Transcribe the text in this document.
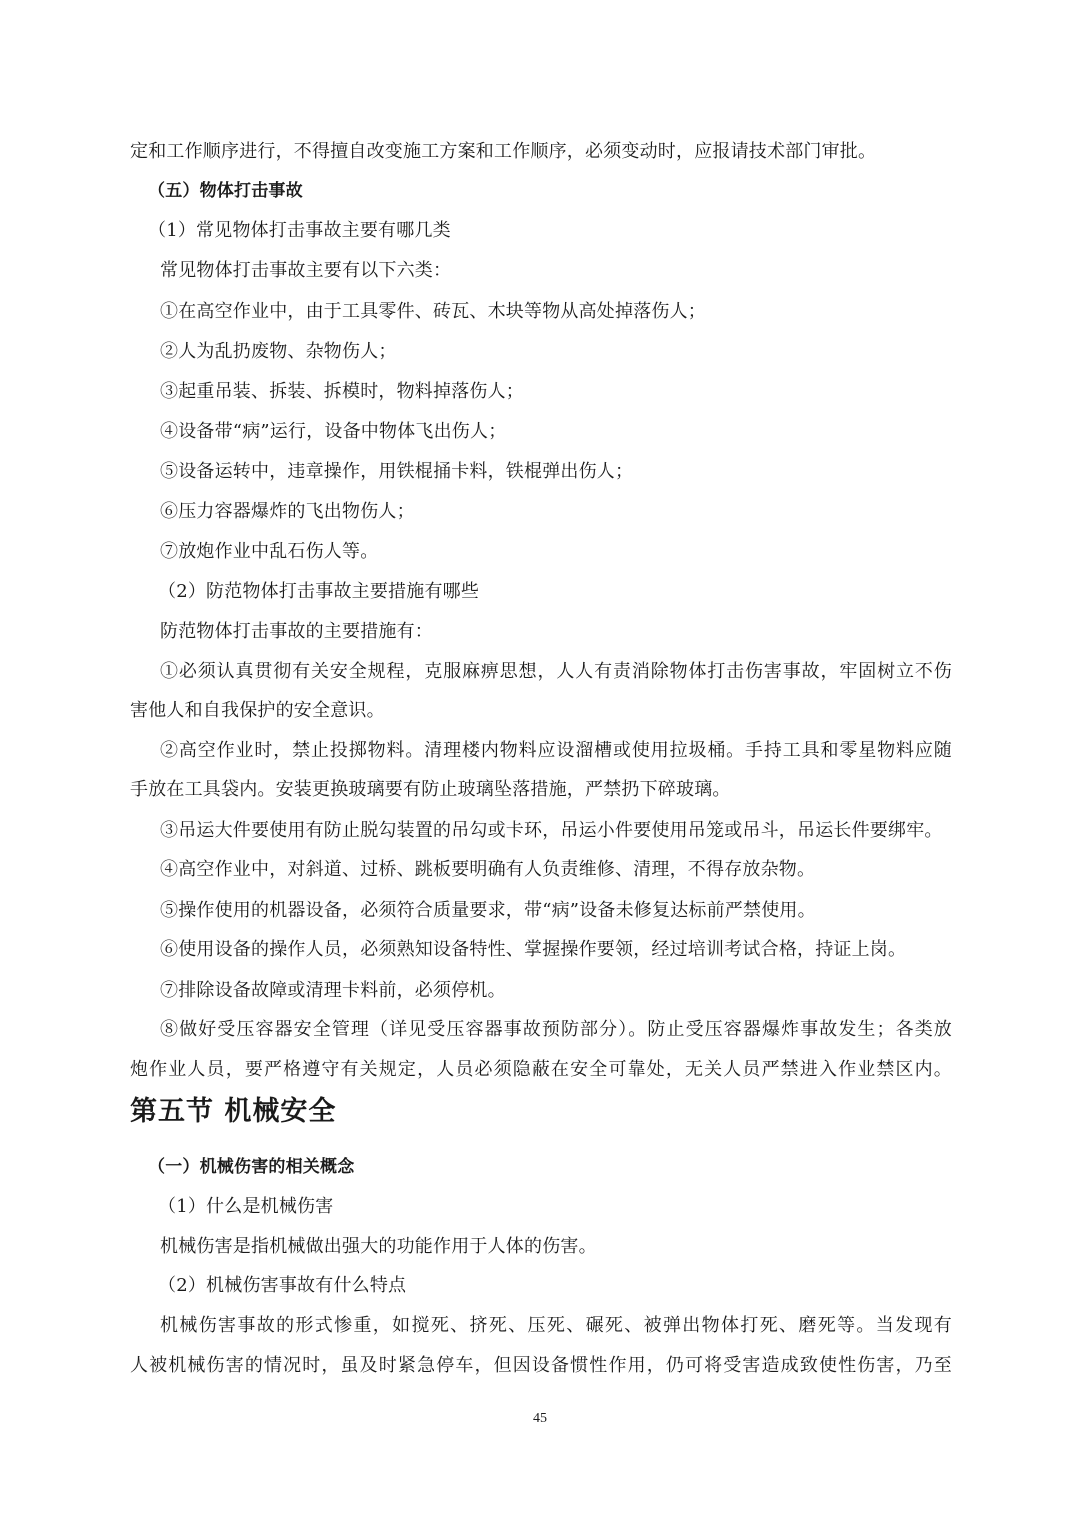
定和工作顺序进行，不得擅自改变施工方案和工作顺序，必须变动时，应报请技术部门审批。
（五）物体打击事故
（1）常见物体打击事故主要有哪几类
常见物体打击事故主要有以下六类：
①在高空作业中，由于工具零件、砖瓦、木块等物从高处掉落伤人；
②人为乱扔废物、杂物伤人；
③起重吊装、拆装、拆模时，物料掉落伤人；
④设备带“病”运行，设备中物体飞出伤人；
⑤设备运转中，违章操作，用铁棍捅卡料，铁棍弹出伤人；
⑥压力容器爆炸的飞出物伤人；
⑦放炮作业中乱石伤人等。
（2）防范物体打击事故主要措施有哪些
防范物体打击事故的主要措施有：
①必须认真贯彻有关安全规程，克服麻痹思想，人人有责消除物体打击伤害事故，牢固树立不伤
害他人和自我保护的安全意识。
②高空作业时，禁止投掷物料。清理楼内物料应设溜槽或使用拉圾桶。手持工具和零星物料应随
手放在工具袋内。安装更换玻璃要有防止玻璃坠落措施，严禁扔下碎玻璃。
③吊运大件要使用有防止脱勾装置的吊勾或卡环，吊运小件要使用吊笼或吊斗，吊运长件要绑牢。
④高空作业中，对斜道、过桥、跳板要明确有人负责维修、清理，不得存放杂物。
⑤操作使用的机器设备，必须符合质量要求，带“病”设备未修复达标前严禁使用。
⑥使用设备的操作人员，必须熟知设备特性、掌握操作要领，经过培训考试合格，持证上岗。
⑦排除设备故障或清理卡料前，必须停机。
⑧做好受压容器安全管理（详见受压容器事故预防部分）。防止受压容器爆炸事故发生；各类放
炮作业人员，要严格遵守有关规定，人员必须隐蔽在安全可靠处，无关人员严禁进入作业禁区内。
第五节 机械安全
（一）机械伤害的相关概念
（1）什么是机械伤害
机械伤害是指机械做出强大的功能作用于人体的伤害。
（2）机械伤害事故有什么特点
机械伤害事故的形式惨重，如搅死、挤死、压死、碾死、被弹出物体打死、磨死等。当发现有
人被机械伤害的情况时，虽及时紧急停车，但因设备惯性作用，仍可将受害造成致使性伤害，乃至
45
